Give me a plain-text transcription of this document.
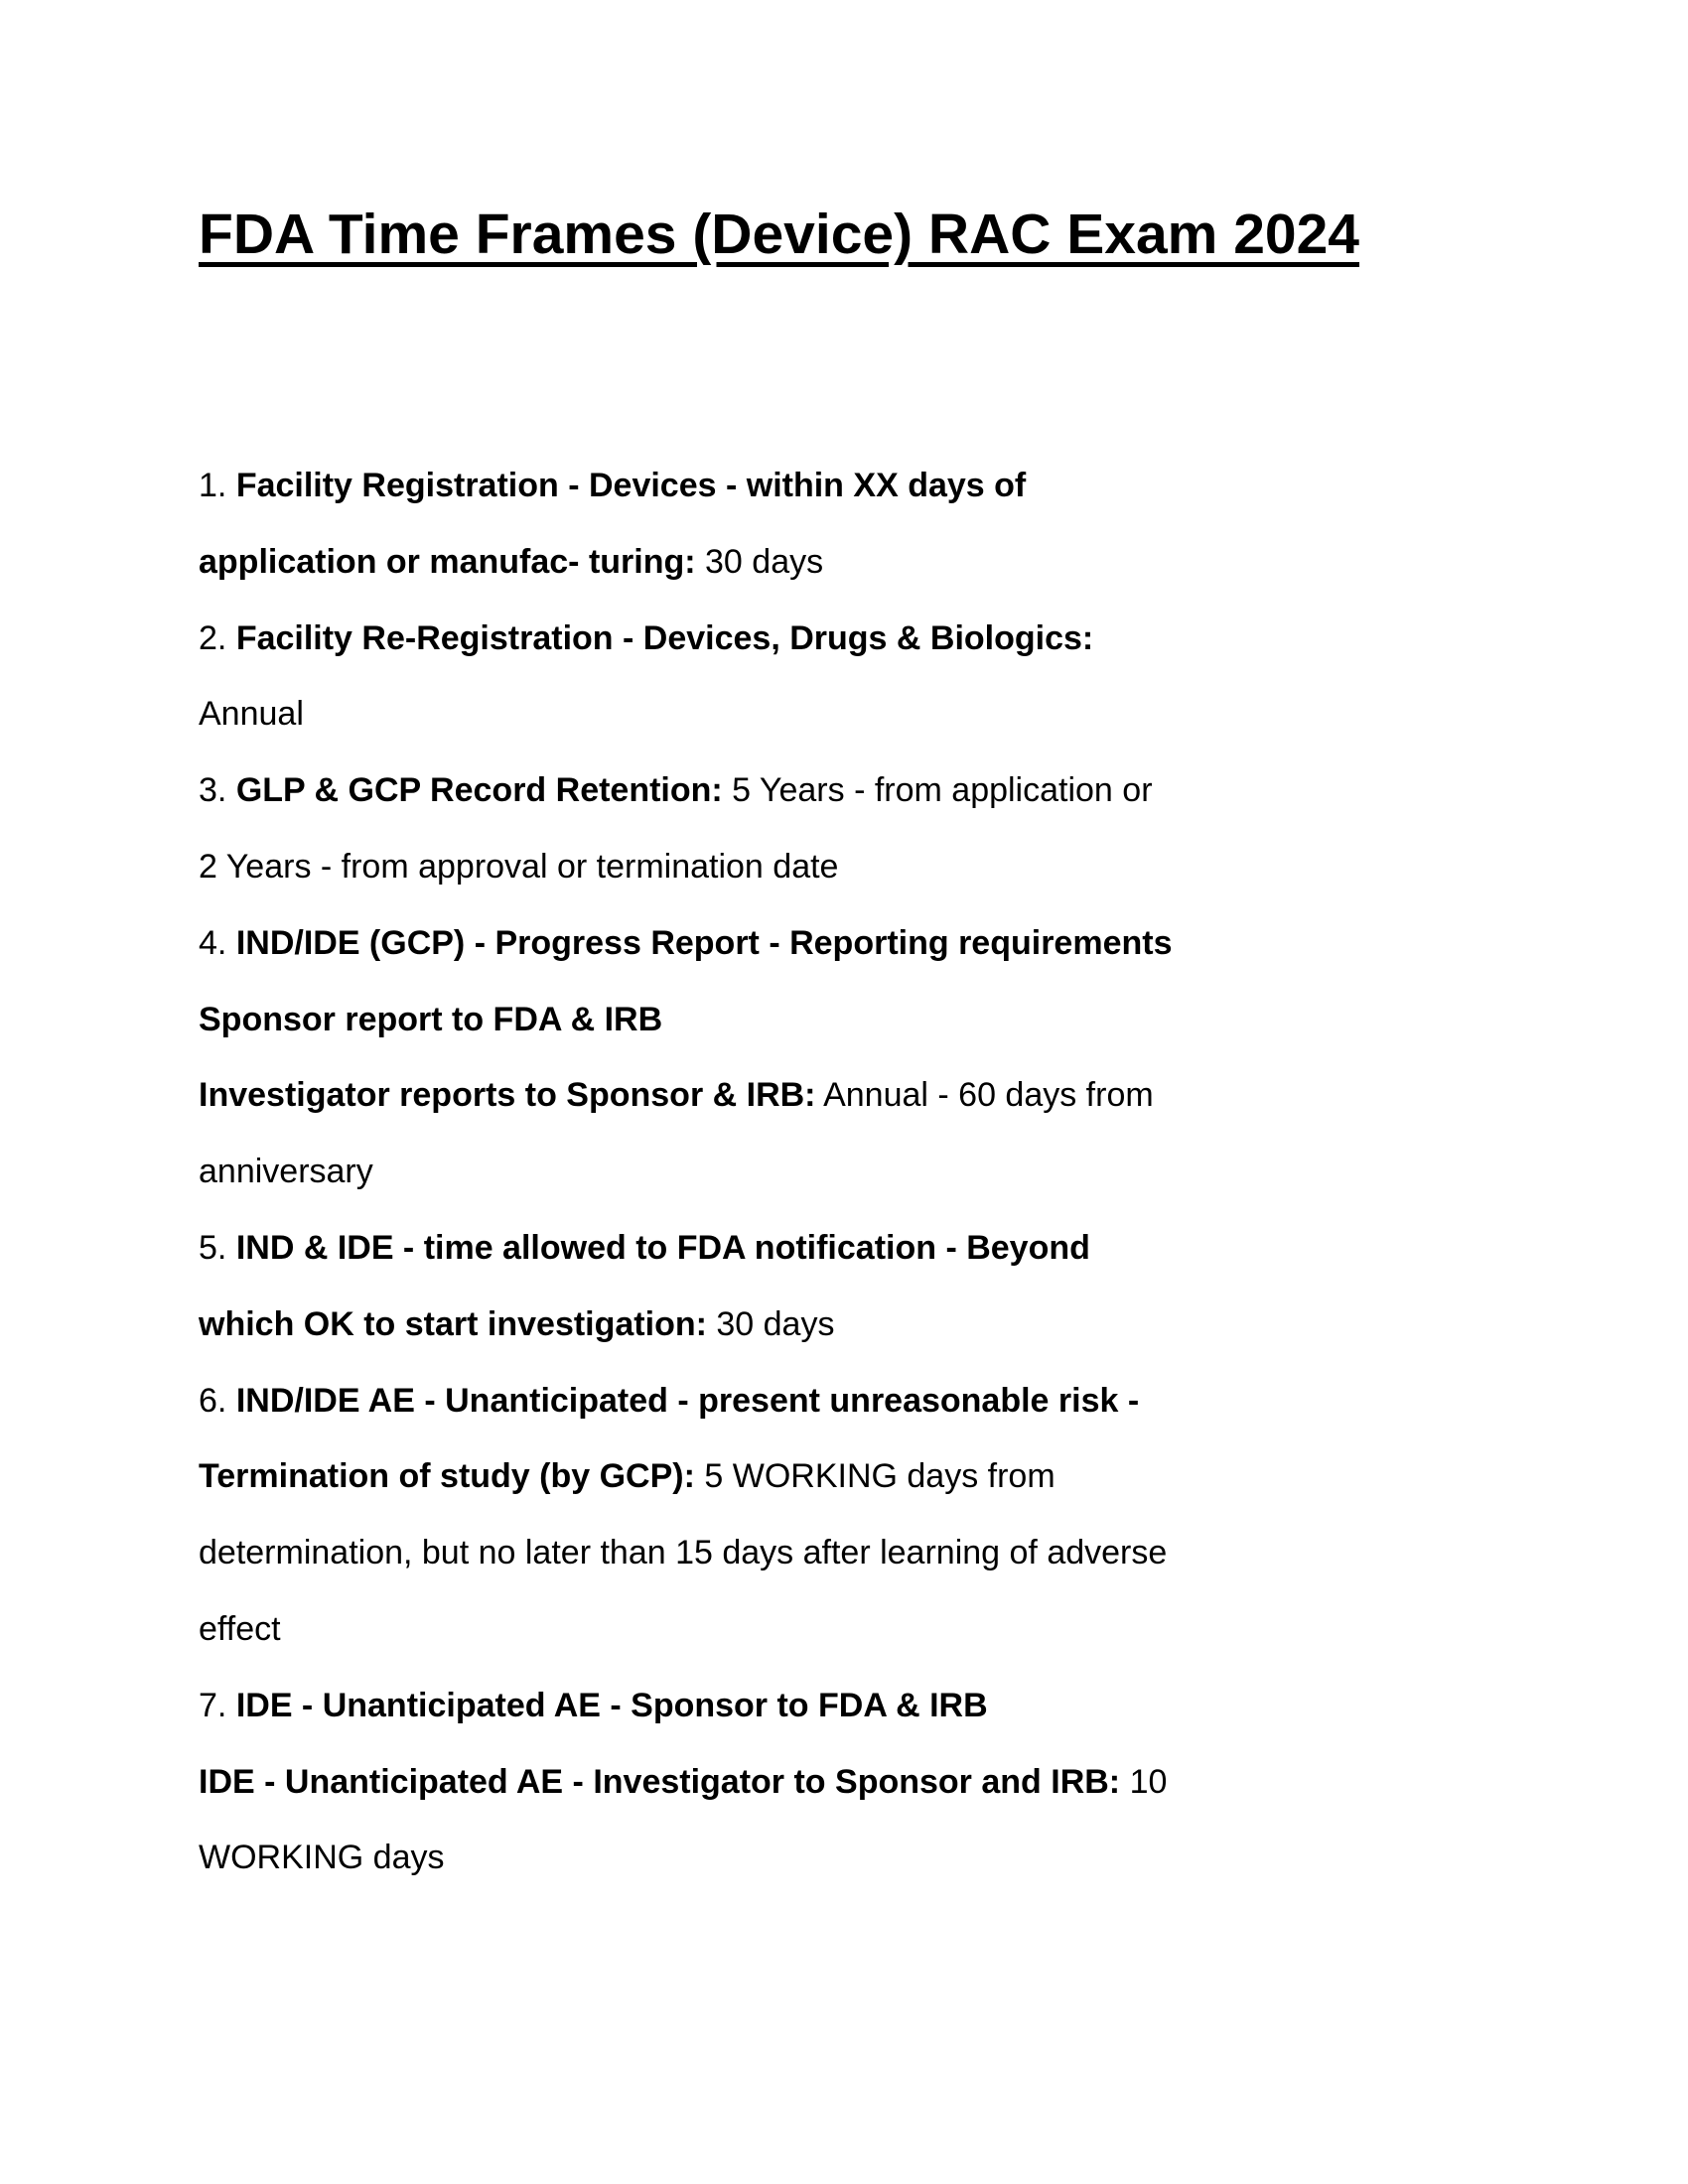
FDA Time Frames (Device) RAC Exam 2024
1. Facility Registration - Devices - within XX days of
application or manufac- turing: 30 days
2. Facility Re-Registration - Devices, Drugs & Biologics:
Annual
3. GLP & GCP Record Retention: 5 Years - from application or
2 Years - from approval or termination date
4. IND/IDE (GCP) - Progress Report - Reporting requirements
Sponsor report to FDA & IRB
Investigator reports to Sponsor & IRB: Annual - 60 days from
anniversary
5. IND & IDE - time allowed to FDA notification - Beyond
which OK to start investigation: 30 days
6. IND/IDE AE - Unanticipated - present unreasonable risk -
Termination of study (by GCP): 5 WORKING days from
determination, but no later than 15 days after learning of adverse
effect
7. IDE - Unanticipated AE - Sponsor to FDA & IRB
IDE - Unanticipated AE - Investigator to Sponsor and IRB: 10
WORKING days
